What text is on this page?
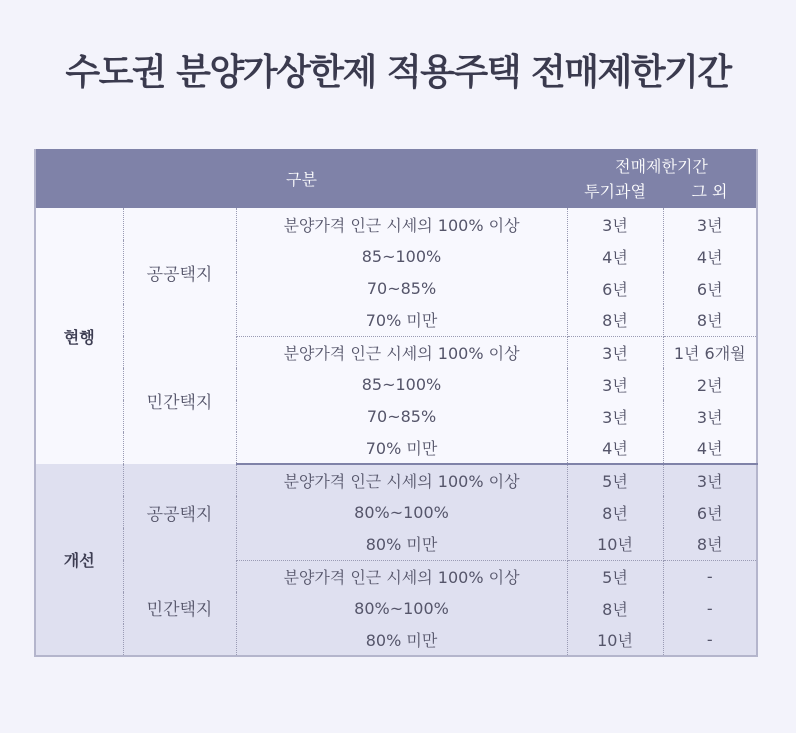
수도권 분양가상한제 적용주택 전매제한기간
구분			전매제한기간	
			투기과열	그 외
현행	공공택지	분양가격 인근 시세의 100% 이상	3년	3년
		85~100%	4년	4년
		70~85%	6년	6년
		70% 미만	8년	8년
	민간택지	분양가격 인근 시세의 100% 이상	3년	1년 6개월
		85~100%	3년	2년
		70~85%	3년	3년
		70% 미만	4년	4년
개선	공공택지	분양가격 인근 시세의 100% 이상	5년	3년
		80%~100%	8년	6년
		80% 미만	10년	8년
	민간택지	분양가격 인근 시세의 100% 이상	5년	-
		80%~100%	8년	-
		80% 미만	10년	-
